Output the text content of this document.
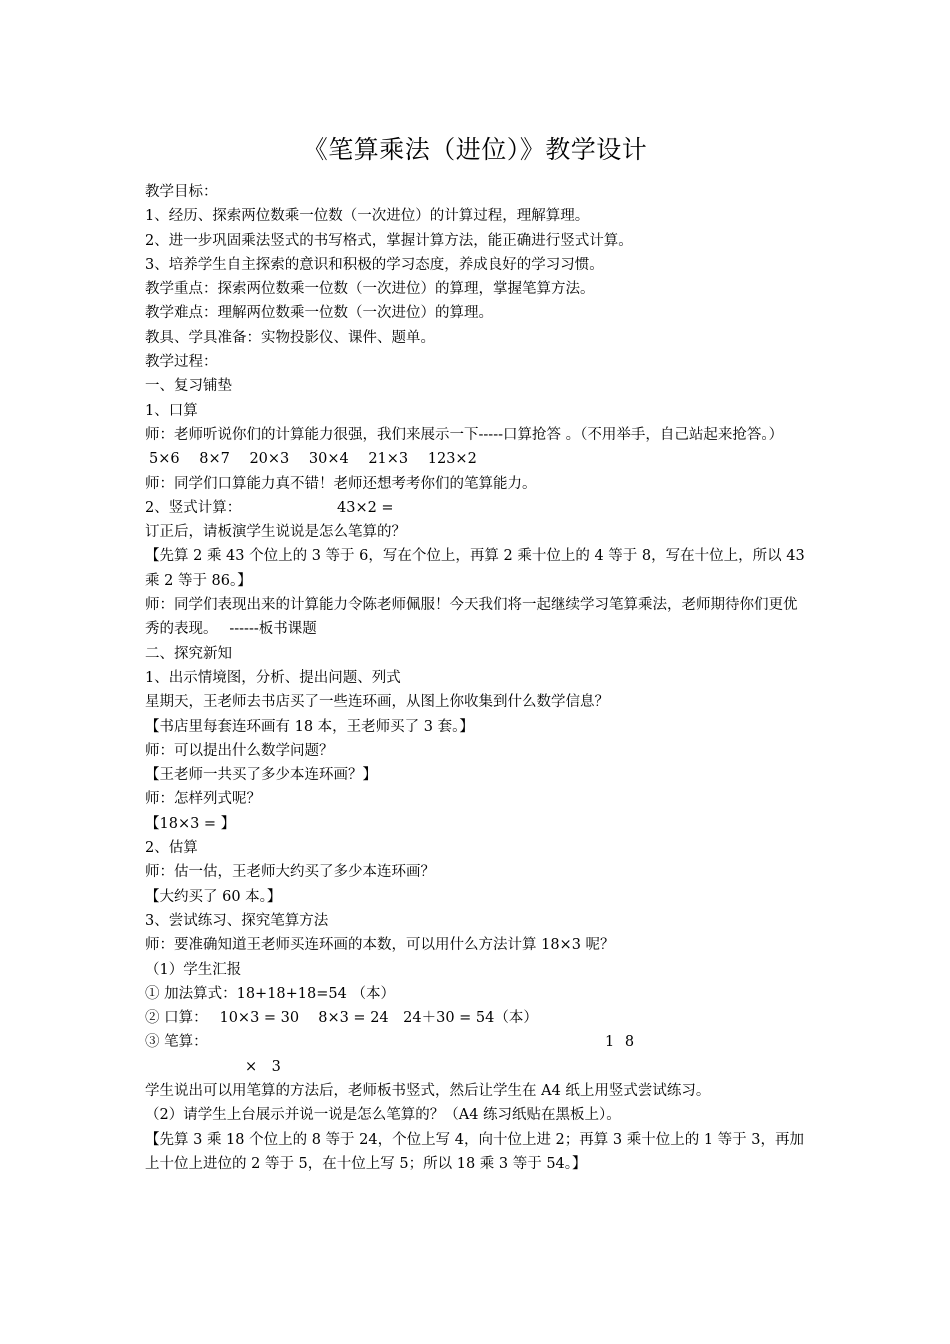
《笔算乘法（进位）》教学设计
教学目标：
1、经历、探索两位数乘一位数（一次进位）的计算过程，理解算理。
2、进一步巩固乘法竖式的书写格式，掌握计算方法，能正确进行竖式计算。
3、培养学生自主探索的意识和积极的学习态度，养成良好的学习习惯。
教学重点：探索两位数乘一位数（一次进位）的算理，掌握笔算方法。
教学难点：理解两位数乘一位数（一次进位）的算理。
教具、学具准备：实物投影仪、课件、题单。
教学过程：
一、复习铺垫
1、口算
师：老师听说你们的计算能力很强，我们来展示一下-----口算抢答 。（不用举手，自己站起来抢答。）
5×6 8×7 20×3 30×4 21×3 123×2
师：同学们口算能力真不错！老师还想考考你们的笔算能力。
2、竖式计算：	43×2 =
订正后，请板演学生说说是怎么笔算的？
【先算 2 乘 43 个位上的 3 等于 6，写在个位上，再算 2 乘十位上的 4 等于 8，写在十位上，所以 43 乘 2 等于 86。】
师：同学们表现出来的计算能力令陈老师佩服！今天我们将一起继续学习笔算乘法，老师期待你们更优秀的表现。　 ------板书课题
二、探究新知
1、出示情境图，分析、提出问题、列式
星期天，王老师去书店买了一些连环画，从图上你收集到什么数学信息？
【书店里每套连环画有 18 本，王老师买了 3 套。】
师：可以提出什么数学问题？
【王老师一共买了多少本连环画？】
师：怎样列式呢？
【18×3 = 】
2、估算
师：估一估，王老师大约买了多少本连环画？
【大约买了 60 本。】
3、尝试练习、探究笔算方法
师：要准确知道王老师买连环画的本数，可以用什么方法计算 18×3 呢？
（1）学生汇报
① 加法算式：18+18+18=54 （本）
② 口算：　 10×3 = 30　 8×3 = 24　24＋30 = 54（本）
③ 笔算：	1 8
×　3
学生说出可以用笔算的方法后，老师板书竖式，然后让学生在 A4 纸上用竖式尝试练习。
（2）请学生上台展示并说一说是怎么笔算的？（A4 练习纸贴在黑板上）。
【先算 3 乘 18 个位上的 8 等于 24，个位上写 4，向十位上进 2；再算 3 乘十位上的 1 等于 3，再加上十位上进位的 2 等于 5，在十位上写 5；所以 18 乘 3 等于 54。】
